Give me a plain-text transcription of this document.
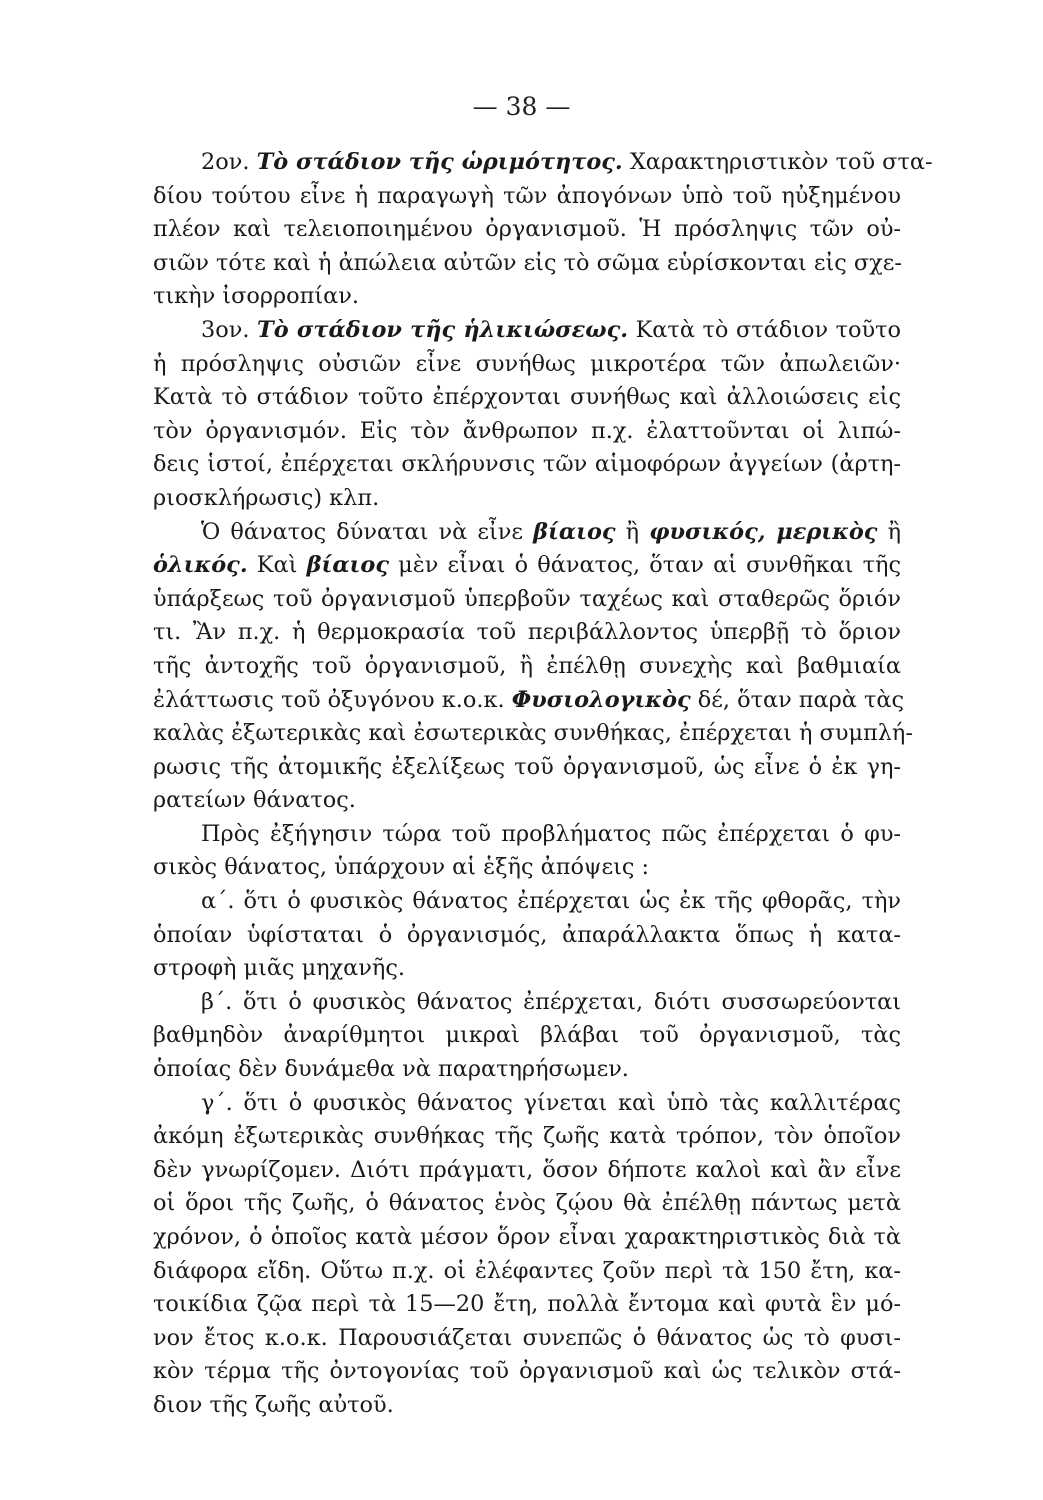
— 38 —
2ον. Τὸ στάδιον τῆς ὡριμότητος. Χαρακτηριστικὸν τοῦ στα-
δίου τούτου εἶνε ἡ παραγωγὴ τῶν ἀπογόνων ὑπὸ τοῦ ηὐξημένου
πλέον καὶ τελειοποιημένου ὀργανισμοῦ. Ἡ πρόσληψις τῶν οὐ-
σιῶν τότε καὶ ἡ ἀπώλεια αὐτῶν εἰς τὸ σῶμα εὑρίσκονται εἰς σχε-
τικὴν ἰσορροπίαν.
3ον. Τὸ στάδιον τῆς ἡλικιώσεως. Κατὰ τὸ στάδιον τοῦτο
ἡ πρόσληψις οὐσιῶν εἶνε συνήθως μικροτέρα τῶν ἀπωλειῶν·
Κατὰ τὸ στάδιον τοῦτο ἐπέρχονται συνήθως καὶ ἀλλοιώσεις εἰς
τὸν ὀργανισμόν. Εἰς τὸν ἄνθρωπον π.χ. ἐλαττοῦνται οἱ λιπώ-
δεις ἱστοί, ἐπέρχεται σκλήρυνσις τῶν αἱμοφόρων ἀγγείων (ἀρτη-
ριοσκλήρωσις) κλπ.
Ὁ θάνατος δύναται νὰ εἶνε βίαιος ἢ φυσικός, μερικὸς ἢ
ὁλικός. Καὶ βίαιος μὲν εἶναι ὁ θάνατος, ὅταν αἱ συνθῆκαι τῆς
ὑπάρξεως τοῦ ὀργανισμοῦ ὑπερβοῦν ταχέως καὶ σταθερῶς ὅριόν
τι. Ἂν π.χ. ἡ θερμοκρασία τοῦ περιβάλλοντος ὑπερβῇ τὸ ὅριον
τῆς ἀντοχῆς τοῦ ὀργανισμοῦ, ἢ ἐπέλθῃ συνεχὴς καὶ βαθμιαία
ἐλάττωσις τοῦ ὀξυγόνου κ.ο.κ. Φυσιολογικὸς δέ, ὅταν παρὰ τὰς
καλὰς ἐξωτερικὰς καὶ ἐσωτερικὰς συνθήκας, ἐπέρχεται ἡ συμπλή-
ρωσις τῆς ἀτομικῆς ἐξελίξεως τοῦ ὀργανισμοῦ, ὡς εἶνε ὁ ἐκ γη-
ρατείων θάνατος.
Πρὸς ἐξήγησιν τώρα τοῦ προβλήματος πῶς ἐπέρχεται ὁ φυ-
σικὸς θάνατος, ὑπάρχουν αἱ ἑξῆς ἀπόψεις :
α΄. ὅτι ὁ φυσικὸς θάνατος ἐπέρχεται ὡς ἐκ τῆς φθορᾶς, τὴν
ὁποίαν ὑφίσταται ὁ ὀργανισμός, ἀπαράλλακτα ὅπως ἡ κατα-
στροφὴ μιᾶς μηχανῆς.
β΄. ὅτι ὁ φυσικὸς θάνατος ἐπέρχεται, διότι συσσωρεύονται
βαθμηδὸν ἀναρίθμητοι μικραὶ βλάβαι τοῦ ὀργανισμοῦ, τὰς
ὁποίας δὲν δυνάμεθα νὰ παρατηρήσωμεν.
γ΄. ὅτι ὁ φυσικὸς θάνατος γίνεται καὶ ὑπὸ τὰς καλλιτέρας
ἀκόμη ἐξωτερικὰς συνθήκας τῆς ζωῆς κατὰ τρόπον, τὸν ὁποῖον
δὲν γνωρίζομεν. Διότι πράγματι, ὅσον δήποτε καλοὶ καὶ ἂν εἶνε
οἱ ὅροι τῆς ζωῆς, ὁ θάνατος ἑνὸς ζῴου θὰ ἐπέλθῃ πάντως μετὰ
χρόνον, ὁ ὁποῖος κατὰ μέσον ὅρον εἶναι χαρακτηριστικὸς διὰ τὰ
διάφορα εἴδη. Οὕτω π.χ. οἱ ἐλέφαντες ζοῦν περὶ τὰ 150 ἔτη, κα-
τοικίδια ζῷα περὶ τὰ 15—20 ἔτη, πολλὰ ἔντομα καὶ φυτὰ ἓν μό-
νον ἔτος κ.ο.κ. Παρουσιάζεται συνεπῶς ὁ θάνατος ὡς τὸ φυσι-
κὸν τέρμα τῆς ὀντογονίας τοῦ ὀργανισμοῦ καὶ ὡς τελικὸν στά-
διον τῆς ζωῆς αὐτοῦ.
